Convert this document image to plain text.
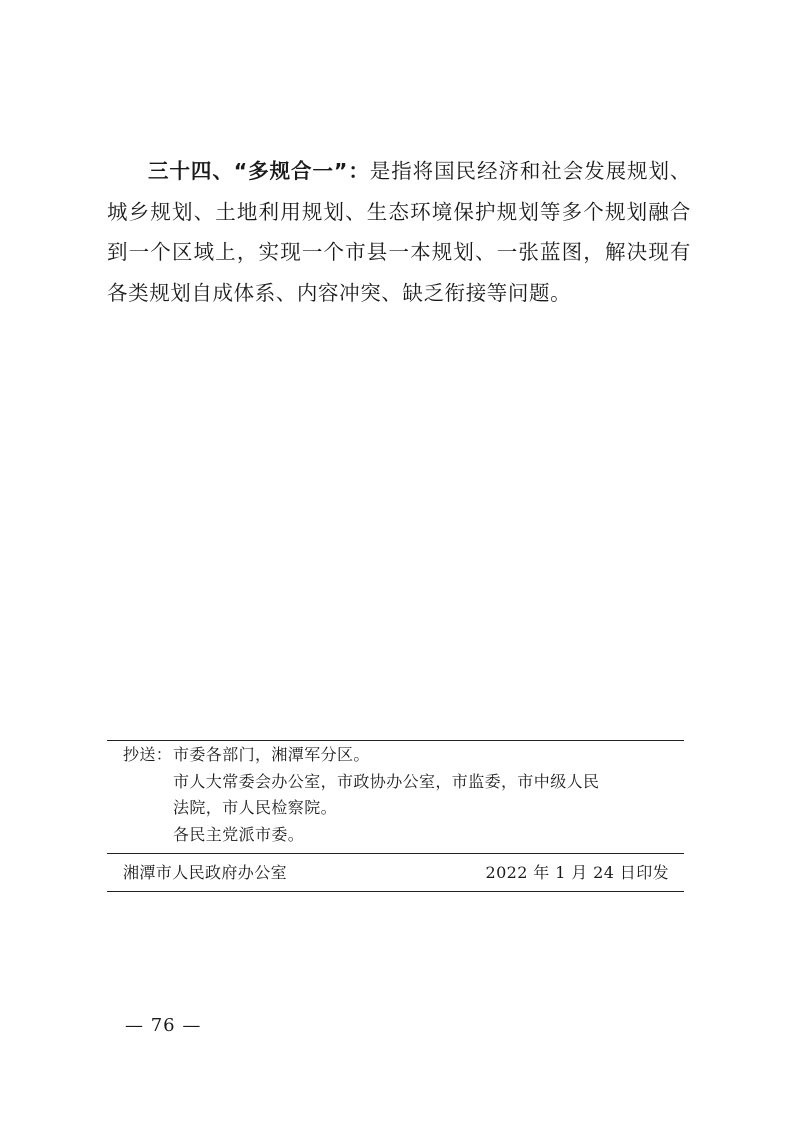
三十四、“多规合一”：是指将国民经济和社会发展规划、城乡规划、土地利用规划、生态环境保护规划等多个规划融合到一个区域上，实现一个市县一本规划、一张蓝图，解决现有各类规划自成体系、内容冲突、缺乏衔接等问题。

抄送： 市委各部门，湘潭军分区。
市人大常委会办公室，市政协办公室，市监委，市中级人民
法院，市人民检察院。
各民主党派市委。
湘潭市人民政府办公室	2022 年 1 月 24 日印发
— 76 —
